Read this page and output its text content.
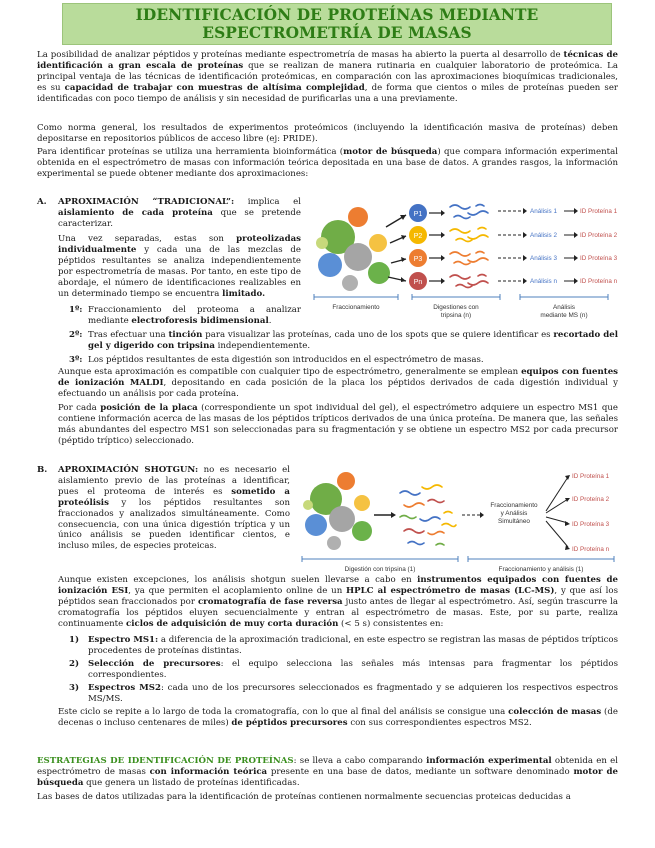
IDENTIFICACIÓN DE PROTEÍNAS MEDIANTE
ESPECTROMETRÍA DE MASAS

La posibilidad de analizar péptidos y proteínas mediante espectrometría de masas ha abierto la puerta al desarrollo de técnicas de identificación a gran escala de proteínas que se realizan de manera rutinaria en cualquier laboratorio de proteómica. La principal ventaja de las técnicas de identificación proteómicas, en comparación con las aproximaciones bioquímicas tradicionales, es su capacidad de trabajar con muestras de altísima complejidad, de forma que cientos o miles de proteínas pueden ser identificadas con poco tiempo de análisis y sin necesidad de purificarlas una a una previamente.

Como norma general, los resultados de experimentos proteómicos (incluyendo la identificación masiva de proteínas) deben depositarse en repositorios públicos de acceso libre (ej: PRIDE).

Para identificar proteínas se utiliza una herramienta bioinformática (motor de búsqueda) que compara información experimental obtenida en el espectrómetro de masas con información teórica depositada en una base de datos. A grandes rasgos, la información experimental se puede obtener mediante dos aproximaciones:

A. APROXIMACIÓN “TRADICIONAL”: implica el aislamiento de cada proteína que se pretende caracterizar.

Una vez separadas, estas son proteolizadas individualmente y cada una de las mezclas de péptidos resultantes se analiza independientemente por espectrometría de masas. Por tanto, en este tipo de abordaje, el número de identificaciones realizables en un determinado tiempo se encuentra limitado.

1º: Fraccionamiento del proteoma a analizar mediante electroforesis bidimensional.

2º: Tras efectuar una tinción para visualizar las proteínas, cada uno de los spots que se quiere identificar es recortado del gel y digerido con tripsina independientemente.

3º: Los péptidos resultantes de esta digestión son introducidos en el espectrómetro de masas.

Aunque esta aproximación es compatible con cualquier tipo de espectrómetro, generalmente se emplean equipos con fuentes de ionización MALDI, depositando en cada posición de la placa los péptidos derivados de cada digestión individual y efectuando un análisis por cada proteína.

Por cada posición de la placa (correspondiente un spot individual del gel), el espectrómetro adquiere un espectro MS1 que contiene información acerca de las masas de los péptidos trípticos derivados de una única proteína. De manera que, las señales más abundantes del espectro MS1 son seleccionadas para su fragmentación y se obtiene un espectro MS2 por cada precursor (péptido tríptico) seleccionado.

P1
P2
P3
Pn
Análisis 1
Análisis 2
Análisis 3
Análisis n
ID Proteína 1
ID Proteína 2
ID Proteína 3
ID Proteína n
Fraccionamiento	Digestiones con
tripsina (n)
Análisis
mediante MS (n)
B. APROXIMACIÓN SHOTGUN: no es necesario el aislamiento previo de las proteínas a identificar, pues el proteoma de interés es sometido a proteólisis y los péptidos resultantes son fraccionados y analizados simultáneamente. Como consecuencia, con una única digestión tríptica y un único análisis se pueden identificar cientos, e incluso miles, de especies proteicas.

Aunque existen excepciones, los análisis shotgun suelen llevarse a cabo en instrumentos equipados con fuentes de ionización ESI, ya que permiten el acoplamiento online de un HPLC al espectrómetro de masas (LC-MS), y que así los péptidos sean fraccionados por cromatografía de fase reversa justo antes de llegar al espectrómetro. Así, según trascurre la cromatografía los péptidos eluyen secuencialmente y entran al espectrómetro de masas. Este, por su parte, realiza continuamente ciclos de adquisición de muy corta duración (< 5 s) consistentes en:

1) Espectro MS1: a diferencia de la aproximación tradicional, en este espectro se registran las masas de péptidos trípticos procedentes de proteínas distintas.

2) Selección de precursores: el equipo selecciona las señales más intensas para fragmentar los péptidos correspondientes.

3) Espectros MS2: cada uno de los precursores seleccionados es fragmentado y se adquieren los respectivos espectros MS/MS.

Este ciclo se repite a lo largo de toda la cromatografía, con lo que al final del análisis se consigue una colección de masas (de decenas o incluso centenares de miles) de péptidos precursores con sus correspondientes espectros MS2.

Fraccionamiento
y Análisis
Simultáneo
ID Proteína 1
ID Proteína 2
ID Proteína 3
ID Proteína n
Digestión con tripsina (1)	Fraccionamiento y análisis (1)

ESTRATEGIAS DE IDENTIFICACIÓN DE PROTEÍNAS: se lleva a cabo comparando información experimental obtenida en el espectrómetro de masas con información teórica presente en una base de datos, mediante un software denominado motor de búsqueda que genera un listado de proteínas identificadas.

Las bases de datos utilizadas para la identificación de proteínas contienen normalmente secuencias proteicas deducidas a
